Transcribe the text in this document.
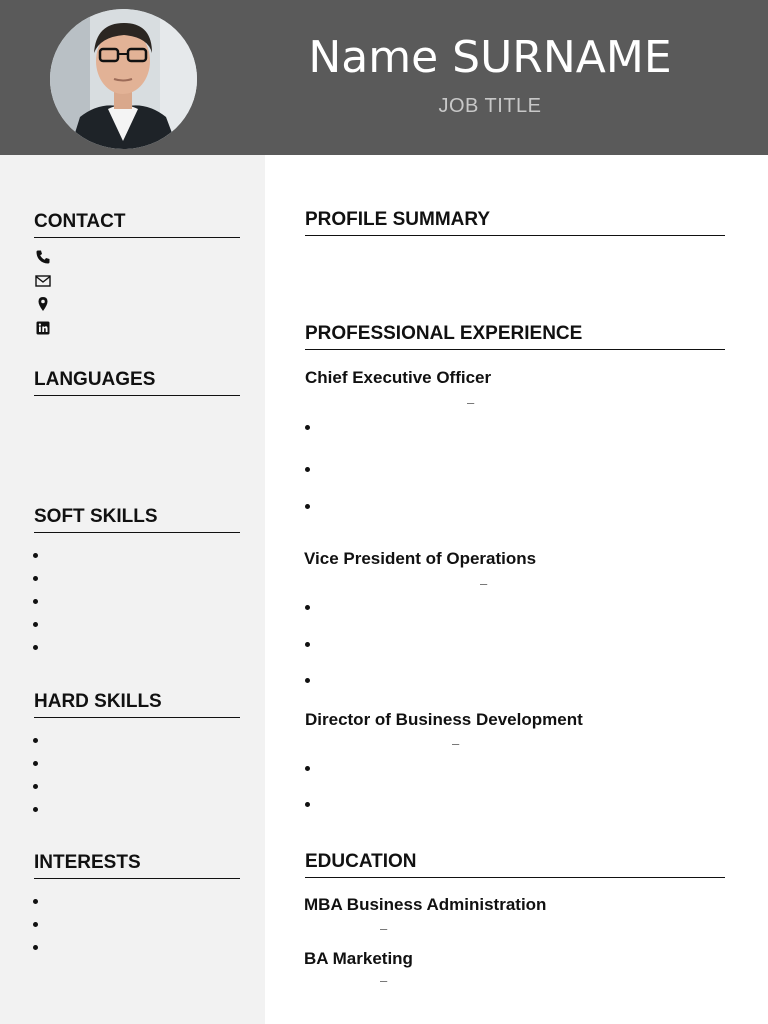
Name SURNAME
JOB TITLE
CONTACT
LANGUAGES
SOFT SKILLS
HARD SKILLS
INTERESTS
PROFILE SUMMARY
PROFESSIONAL EXPERIENCE
Chief Executive Officer
–
Vice President of Operations
–
Director of Business Development
–
EDUCATION
MBA Business Administration
–
BA Marketing
–
